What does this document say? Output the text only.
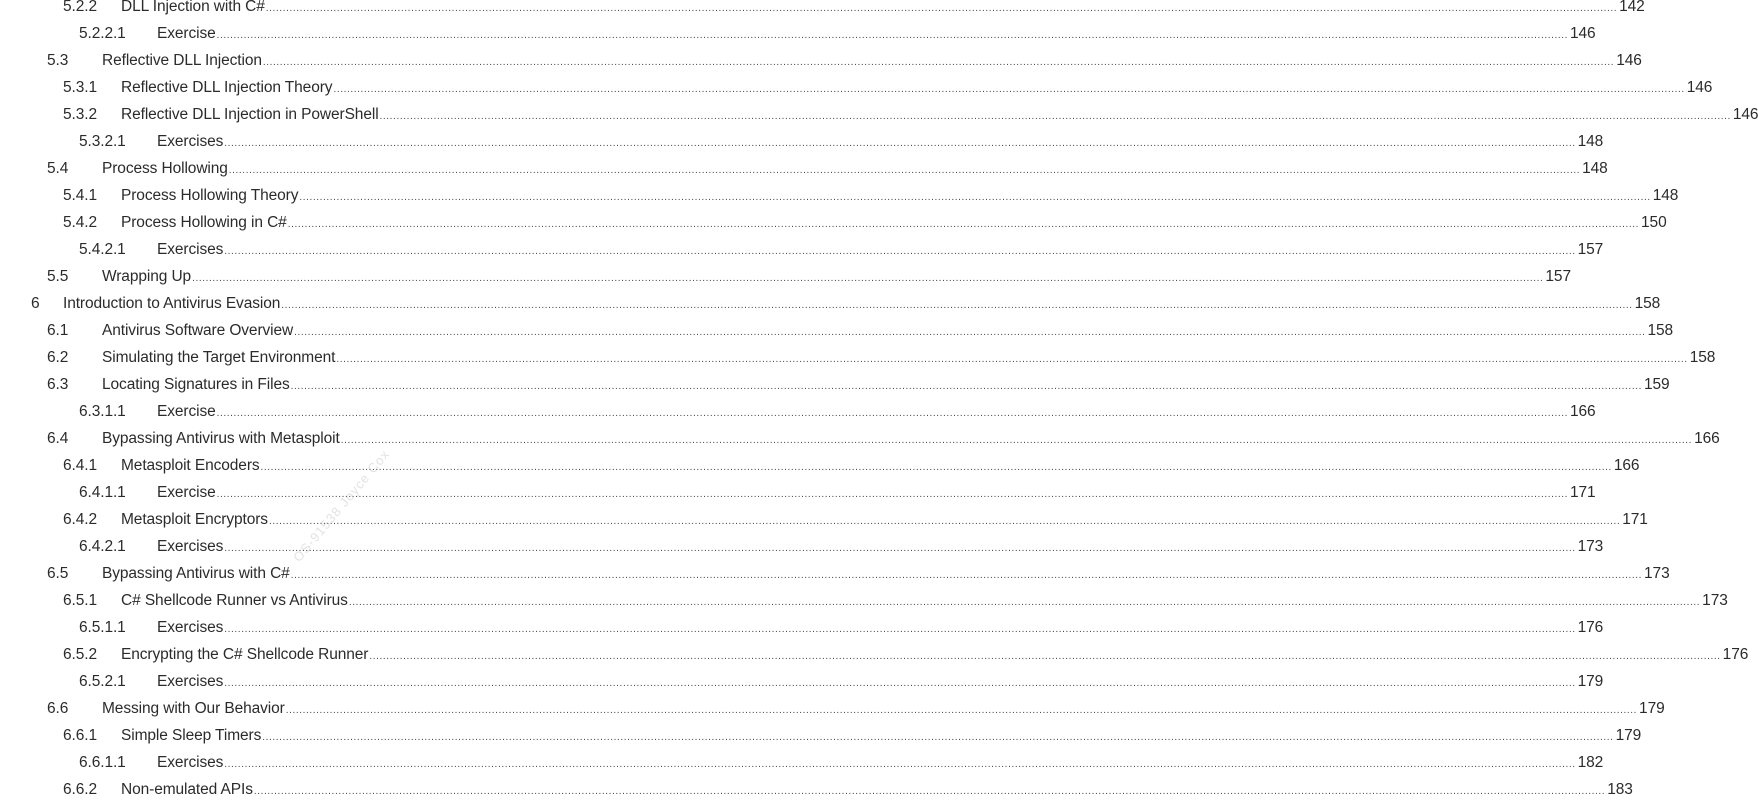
5.2.2 DLL Injection with C# ................................................................................................................................................................................................................................................................................................................................................................................................................ 142
5.2.2.1 Exercise ................................................................................................................................................................................................................................................................................................................................................................................................................ 146
5.3 Reflective DLL Injection ................................................................................................................................................................................................................................................................................................................................................................................................................ 146
5.3.1 Reflective DLL Injection Theory ................................................................................................................................................................................................................................................................................................................................................................................................................ 146
5.3.2 Reflective DLL Injection in PowerShell ................................................................................................................................................................................................................................................................................................................................................................................................................ 146
5.3.2.1 Exercises ................................................................................................................................................................................................................................................................................................................................................................................................................ 148
5.4 Process Hollowing ................................................................................................................................................................................................................................................................................................................................................................................................................ 148
5.4.1 Process Hollowing Theory ................................................................................................................................................................................................................................................................................................................................................................................................................ 148
5.4.2 Process Hollowing in C# ................................................................................................................................................................................................................................................................................................................................................................................................................ 150
5.4.2.1 Exercises ................................................................................................................................................................................................................................................................................................................................................................................................................ 157
5.5 Wrapping Up ................................................................................................................................................................................................................................................................................................................................................................................................................ 157
6 Introduction to Antivirus Evasion ................................................................................................................................................................................................................................................................................................................................................................................................................ 158
6.1 Antivirus Software Overview ................................................................................................................................................................................................................................................................................................................................................................................................................ 158
6.2 Simulating the Target Environment ................................................................................................................................................................................................................................................................................................................................................................................................................ 158
6.3 Locating Signatures in Files ................................................................................................................................................................................................................................................................................................................................................................................................................ 159
6.3.1.1 Exercise ................................................................................................................................................................................................................................................................................................................................................................................................................ 166
6.4 Bypassing Antivirus with Metasploit ................................................................................................................................................................................................................................................................................................................................................................................................................ 166
6.4.1 Metasploit Encoders ................................................................................................................................................................................................................................................................................................................................................................................................................ 166
6.4.1.1 Exercise ................................................................................................................................................................................................................................................................................................................................................................................................................ 171
6.4.2 Metasploit Encryptors ................................................................................................................................................................................................................................................................................................................................................................................................................ 171
6.4.2.1 Exercises ................................................................................................................................................................................................................................................................................................................................................................................................................ 173
6.5 Bypassing Antivirus with C# ................................................................................................................................................................................................................................................................................................................................................................................................................ 173
6.5.1 C# Shellcode Runner vs Antivirus ................................................................................................................................................................................................................................................................................................................................................................................................................ 173
6.5.1.1 Exercises ................................................................................................................................................................................................................................................................................................................................................................................................................ 176
6.5.2 Encrypting the C# Shellcode Runner ................................................................................................................................................................................................................................................................................................................................................................................................................ 176
6.5.2.1 Exercises ................................................................................................................................................................................................................................................................................................................................................................................................................ 179
6.6 Messing with Our Behavior ................................................................................................................................................................................................................................................................................................................................................................................................................ 179
6.6.1 Simple Sleep Timers ................................................................................................................................................................................................................................................................................................................................................................................................................ 179
6.6.1.1 Exercises ................................................................................................................................................................................................................................................................................................................................................................................................................ 182
6.6.2 Non-emulated APIs ................................................................................................................................................................................................................................................................................................................................................................................................................ 183
OS-91538 Joyce Cox
